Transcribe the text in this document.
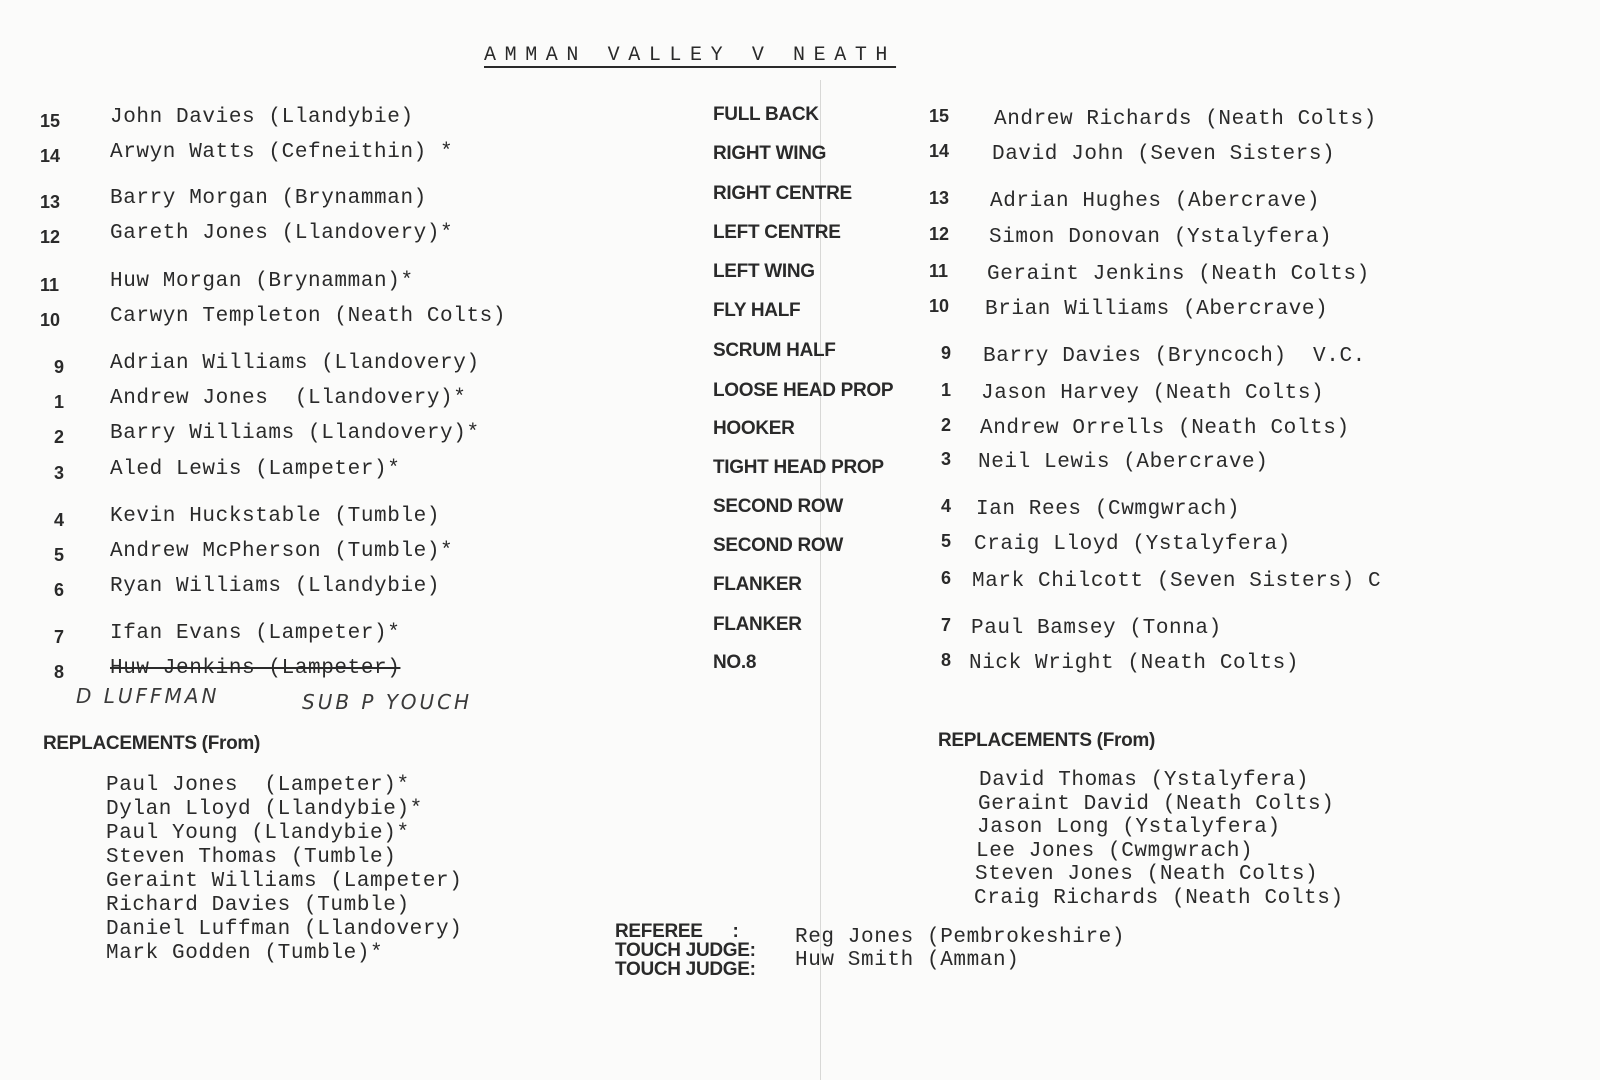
AMMAN VALLEY V NEATH
15 John Davies (Llandybie)
14 Arwyn Watts (Cefneithin) *
13 Barry Morgan (Brynamman)
12 Gareth Jones (Llandovery)*
11 Huw Morgan (Brynamman)*
10 Carwyn Templeton (Neath Colts)
9 Adrian Williams (Llandovery)
1 Andrew Jones  (Llandovery)*
2 Barry Williams (Llandovery)*
3 Aled Lewis (Lampeter)*
4 Kevin Huckstable (Tumble)
5 Andrew McPherson (Tumble)*
6 Ryan Williams (Llandybie)
7 Ifan Evans (Lampeter)*
8 Huw Jenkins (Lampeter)
FULL BACK
RIGHT WING
RIGHT CENTRE
LEFT CENTRE
LEFT WING
FLY HALF
SCRUM HALF
LOOSE HEAD PROP
HOOKER
TIGHT HEAD PROP
SECOND ROW
SECOND ROW
FLANKER
FLANKER
NO.8
15 Andrew Richards (Neath Colts)
14 David John (Seven Sisters)
13 Adrian Hughes (Abercrave)
12 Simon Donovan (Ystalyfera)
11 Geraint Jenkins (Neath Colts)
10 Brian Williams (Abercrave)
9 Barry Davies (Bryncoch)  V.C.
1 Jason Harvey (Neath Colts)
2 Andrew Orrells (Neath Colts)
3 Neil Lewis (Abercrave)
4 Ian Rees (Cwmgwrach)
5 Craig Lloyd (Ystalyfera)
6 Mark Chilcott (Seven Sisters) C
7 Paul Bamsey (Tonna)
8 Nick Wright (Neath Colts)
D LUFFMAN	SUB P YOUCH
REPLACEMENTS (From)
Paul Jones  (Lampeter)*
Dylan Lloyd (Llandybie)*
Paul Young (Llandybie)*
Steven Thomas (Tumble)
Geraint Williams (Lampeter)
Richard Davies (Tumble)
Daniel Luffman (Llandovery)
Mark Godden (Tumble)*
REPLACEMENTS (From)
David Thomas (Ystalyfera)
Geraint David (Neath Colts)
Jason Long (Ystalyfera)
Lee Jones (Cwmgwrach)
Steven Jones (Neath Colts)
Craig Richards (Neath Colts)
REFEREE      :
TOUCH JUDGE:
TOUCH JUDGE:
Reg Jones (Pembrokeshire)
Huw Smith (Amman)
